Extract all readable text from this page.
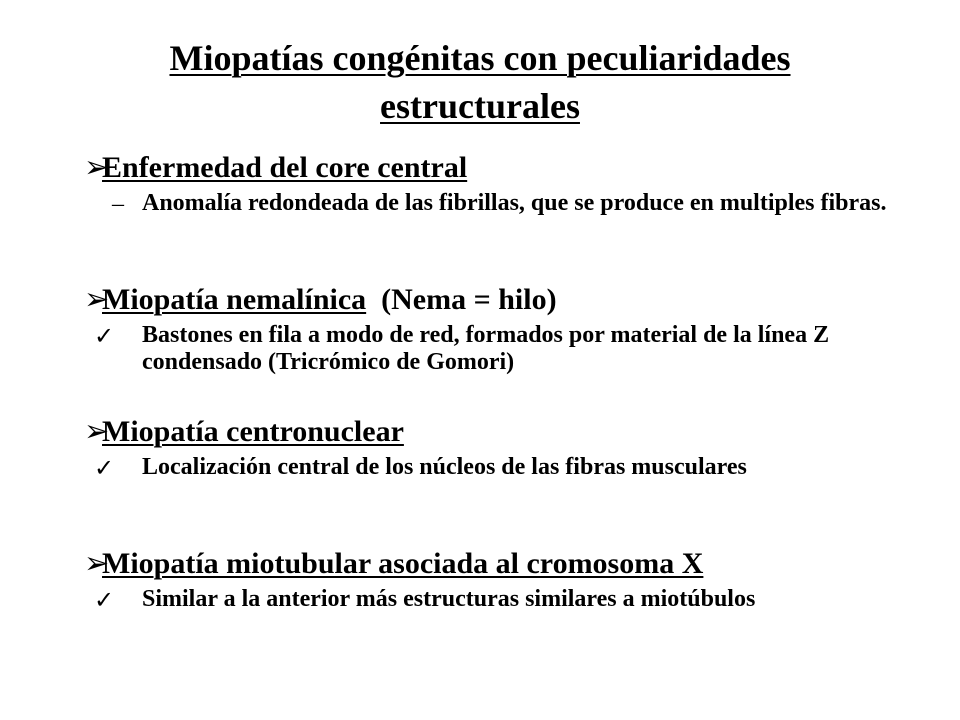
Miopatías congénitas con peculiaridades
estructurales
➢
Enfermedad del core central
– Anomalía redondeada de las fibrillas, que se produce en multiples fibras.
➢
Miopatía nemalínica (Nema = hilo)
✓ Bastones en fila a modo de red, formados por material de la línea Z condensado (Tricrómico de Gomori)
➢
Miopatía centronuclear
✓ Localización central de los núcleos de las fibras musculares
➢
Miopatía miotubular asociada al cromosoma X
✓ Similar a la anterior más estructuras similares a miotúbulos
